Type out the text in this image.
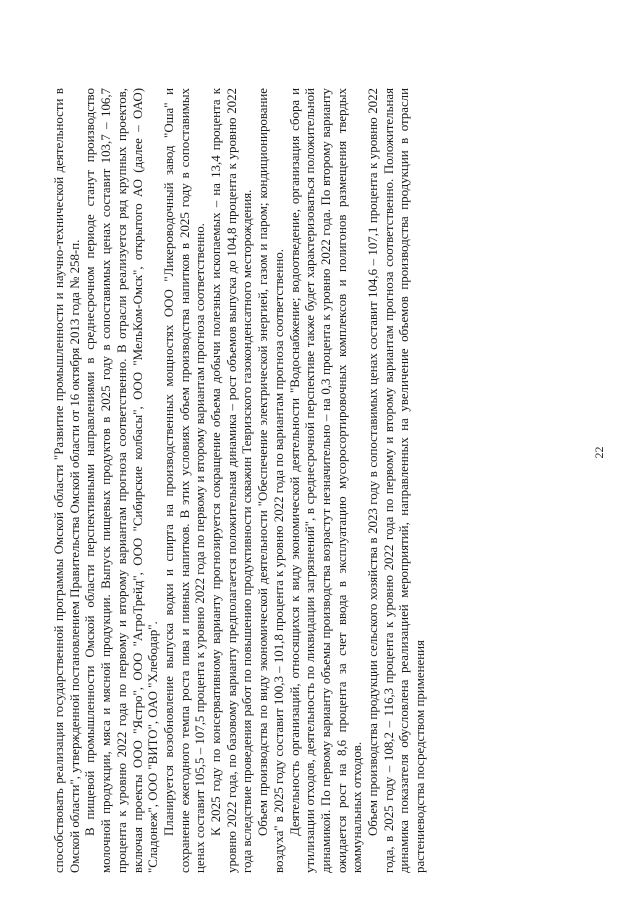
22

способствовать реализация государственной программы Омской области "Развитие промышленности и научно-технической деятельности в Омской области", утвержденной постановлением Правительства Омской области от 16 октября 2013 года № 258-п. В пищевой промышленности Омской области перспективными направлениями в среднесрочном периоде станут производство молочной продукции, мяса и мясной продукции. Выпуск пищевых продуктов в 2025 году в сопоставимых ценах составит 103,7 – 106,7 процента к уровню 2022 года по первому и второму вариантам прогноза соответственно. В отрасли реализуется ряд крупных проектов, включая проекты ООО "Ястро", ООО "АгроТрейд", ООО "Сибирские колбасы", ООО "МельКом-Омск", открытого АО (далее – ОАО) "Сладонеж", ООО "ВИТО", ОАО "Хлебодар". Планируется возобновление выпуска водки и спирта на производственных мощностях ООО "Ликероводочный завод "Оша" и сохранение ежегодного темпа роста пива и пивных напитков. В этих условиях объем производства напитков в 2025 году в сопоставимых ценах составит 105,5 – 107,5 процента к уровню 2022 года по первому и второму вариантам прогноза соответственно. К 2025 году по консервативному варианту прогнозируется сокращение объема добычи полезных ископаемых – на 13,4 процента к уровню 2022 года, по базовому варианту предполагается положительная динамика – рост объемов выпуска до 104,8 процента к уровню 2022 года вследствие проведения работ по повышению продуктивности скважин Тевризского газоконденсатного месторождения. Объем производства по виду экономической деятельности "Обеспечение электрической энергией, газом и паром; кондиционирование воздуха" в 2025 году составит 100,3 – 101,8 процента к уровню 2022 года по вариантам прогноза соответственно. Деятельность организаций, относящихся к виду экономической деятельности "Водоснабжение; водоотведение, организация сбора и утилизации отходов, деятельность по ликвидации загрязнений", в среднесрочной перспективе также будет характеризоваться положительной динамикой. По первому варианту объемы производства возрастут незначительно – на 0,3 процента к уровню 2022 года. По второму варианту ожидается рост на 8,6 процента за счет ввода в эксплуатацию мусоросортировочных комплексов и полигонов размещения твердых коммунальных отходов. Объем производства продукции сельского хозяйства в 2023 году в сопоставимых ценах составит 104,6 – 107,1 процента к уровню 2022 года, в 2025 году – 108,2 – 116,3 процента к уровню 2022 года по первому и второму вариантам прогноза соответственно. Положительная динамика показателя обусловлена реализацией мероприятий, направленных на увеличение объемов производства продукции в отрасли растениеводства посредством применения
